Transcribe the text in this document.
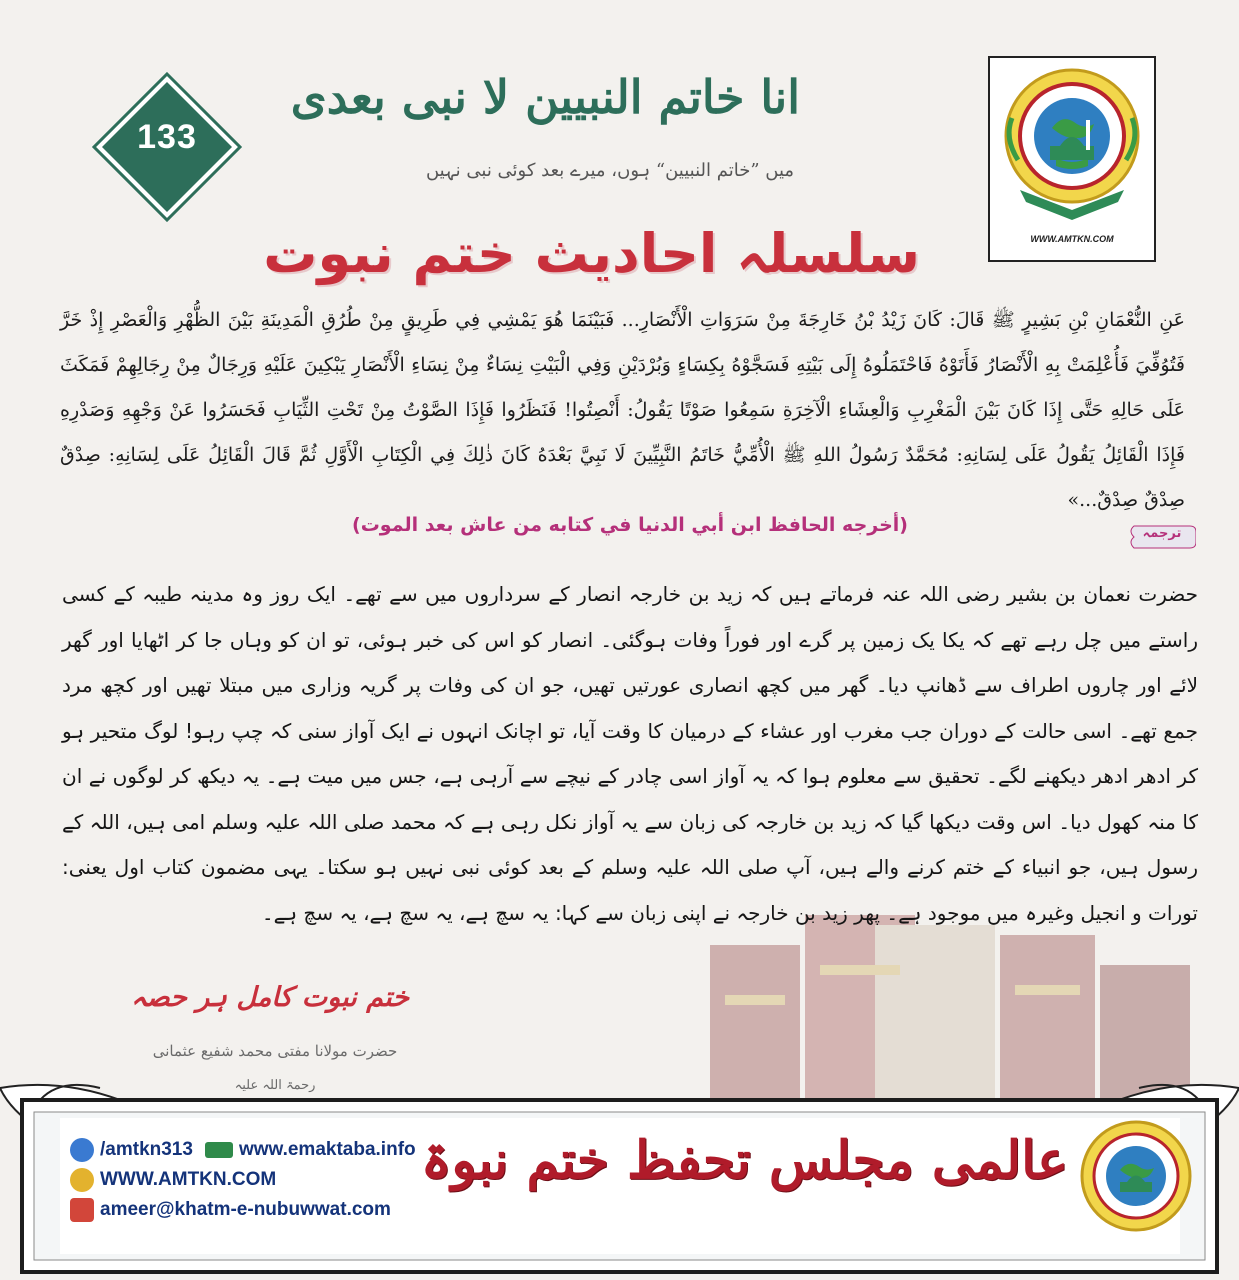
133
انا خاتم النبیین لا نبی بعدی
میں ”خاتم النبیین“ ہوں، میرے بعد کوئی نبی نہیں
سلسلہ احادیث ختم نبوت	WWW.AMTKN.COM
عَنِ النُّعْمَانِ بْنِ بَشِيرٍ ﷺ قَالَ: كَانَ زَيْدُ بْنُ خَارِجَةَ مِنْ سَرَوَاتِ الْأَنْصَارِ... فَبَيْنَمَا هُوَ يَمْشِي فِي طَرِيقٍ مِنْ طُرُقِ الْمَدِينَةِ بَيْنَ الظُّهْرِ وَالْعَصْرِ إِذْ خَرَّ فَتُوُفِّيَ فَأُعْلِمَتْ بِهِ الْأَنْصَارُ فَأَتَوْهُ فَاحْتَمَلُوهُ إِلَى بَيْتِهِ فَسَجَّوْهُ بِكِسَاءٍ وَبُرْدَيْنِ وَفِي الْبَيْتِ نِسَاءٌ مِنْ نِسَاءِ الْأَنْصَارِ يَبْكِينَ عَلَيْهِ وَرِجَالٌ مِنْ رِجَالِهِمْ فَمَكَثَ عَلَى حَالِهِ حَتَّى إِذَا كَانَ بَيْنَ الْمَغْرِبِ وَالْعِشَاءِ الْآخِرَةِ سَمِعُوا صَوْتًا يَقُولُ: أَنْصِتُوا! فَنَظَرُوا فَإِذَا الصَّوْتُ مِنْ تَحْتِ الثِّيَابِ فَحَسَرُوا عَنْ وَجْهِهِ وَصَدْرِهِ فَإِذَا الْقَائِلُ يَقُولُ عَلَى لِسَانِهِ: مُحَمَّدٌ رَسُولُ اللهِ ﷺ الْأُمِّيُّ خَاتَمُ النَّبِيِّينَ لَا نَبِيَّ بَعْدَهُ كَانَ ذٰلِكَ فِي الْكِتَابِ الْأَوَّلِ ثُمَّ قَالَ الْقَائِلُ عَلَى لِسَانِهِ: صِدْقٌ صِدْقٌ صِدْقٌ...»
(أخرجه الحافظ ابن أبي الدنيا في كتابه من عاش بعد الموت)	ترجمہ
حضرت نعمان بن بشیر رضی اللہ عنہ فرماتے ہیں کہ زید بن خارجہ انصار کے سرداروں میں سے تھے۔ ایک روز وہ مدینہ طیبہ کے کسی راستے میں چل رہے تھے کہ یکا یک زمین پر گرے اور فوراً وفات ہوگئی۔ انصار کو اس کی خبر ہوئی، تو ان کو وہاں جا کر اٹھایا اور گھر لائے اور چاروں اطراف سے ڈھانپ دیا۔ گھر میں کچھ انصاری عورتیں تھیں، جو ان کی وفات پر گریہ وزاری میں مبتلا تھیں اور کچھ مرد جمع تھے۔ اسی حالت کے دوران جب مغرب اور عشاء کے درمیان کا وقت آیا، تو اچانک انہوں نے ایک آواز سنی کہ چپ رہو! لوگ متحیر ہو کر ادھر ادھر دیکھنے لگے۔ تحقیق سے معلوم ہوا کہ یہ آواز اسی چادر کے نیچے سے آرہی ہے، جس میں میت ہے۔ یہ دیکھ کر لوگوں نے ان کا منہ کھول دیا۔ اس وقت دیکھا گیا کہ زید بن خارجہ کی زبان سے یہ آواز نکل رہی ہے کہ محمد صلی اللہ علیہ وسلم امی ہیں، اللہ کے رسول ہیں، جو انبیاء کے ختم کرنے والے ہیں، آپ صلی اللہ علیہ وسلم کے بعد کوئی نبی نہیں ہو سکتا۔ یہی مضمون کتاب اول یعنی: تورات و انجیل وغیرہ میں موجود ہے۔ پھر زید بن خارجہ نے اپنی زبان سے کہا: یہ سچ ہے، یہ سچ ہے، یہ سچ ہے۔
ختم نبوت کامل ہر حصہ
حضرت مولانا مفتی محمد شفیع عثمانی
رحمۃ اللہ علیہ
/amtkn313 www.emaktaba.info
WWW.AMTKN.COM
ameer@khatm-e-nubuwwat.com
عالمی مجلس تحفظ ختم نبوۃ
